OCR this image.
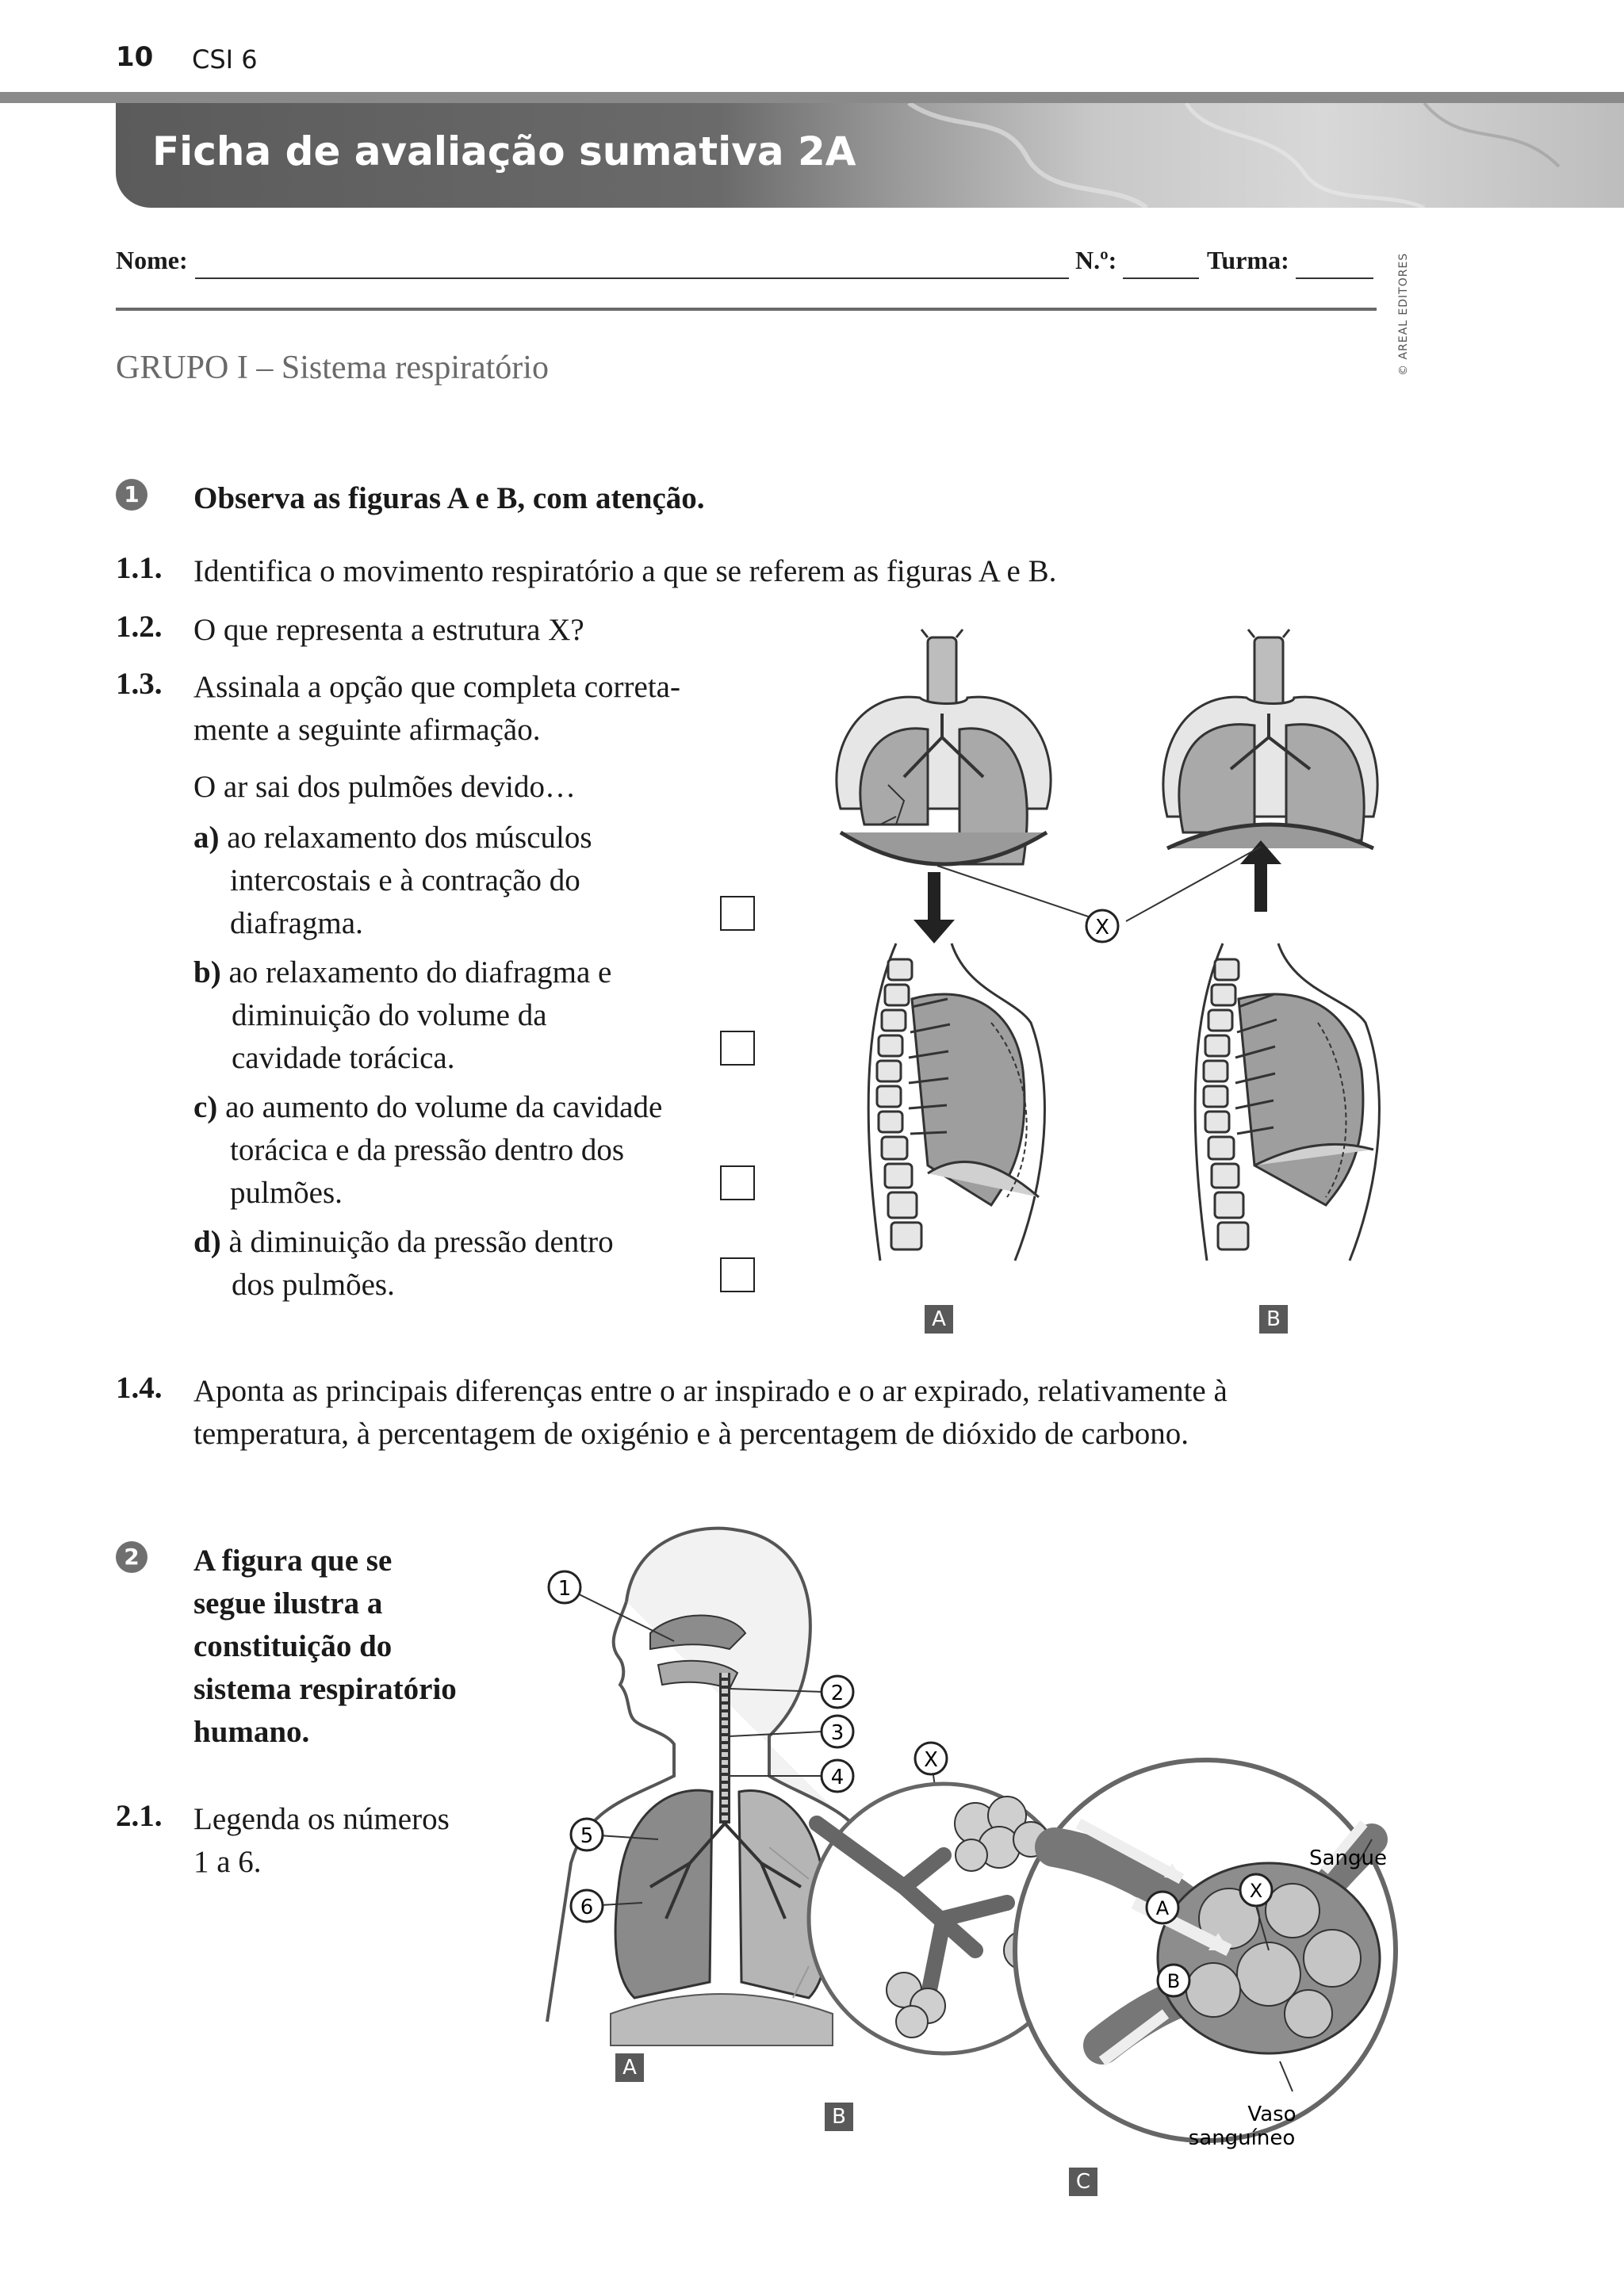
10 CSI 6
Ficha de avaliação sumativa 2A
Nome:	N.º:	Turma:	© AREAL EDITORES
GRUPO I – Sistema respiratório
1 Observa as figuras A e B, com atenção.
1.1. Identifica o movimento respiratório a que se referem as figuras A e B.
1.2. O que representa a estrutura X?
1.3. Assinala a opção que completa correta-
mente a seguinte afirmação.
O ar sai dos pulmões devido…
a) ao relaxamento dos músculos
intercostais e à contração do
diafragma.
b) ao relaxamento do diafragma e
diminuição do volume da
cavidade torácica.
c) ao aumento do volume da cavidade
torácica e da pressão dentro dos
pulmões.
d) à diminuição da pressão dentro
dos pulmões.
X
A	B
1.4. Aponta as principais diferenças entre o ar inspirado e o ar expirado, relativamente à
temperatura, à percentagem de oxigénio e à percentagem de dióxido de carbono.
2 A figura que se
segue ilustra a
constituição do
sistema respiratório
humano.
2.1. Legenda os números
1 a 6.
1
2
3
4
5
6
X
A
B
X
Sangue
Vaso
sanguíneo
A
B
C
